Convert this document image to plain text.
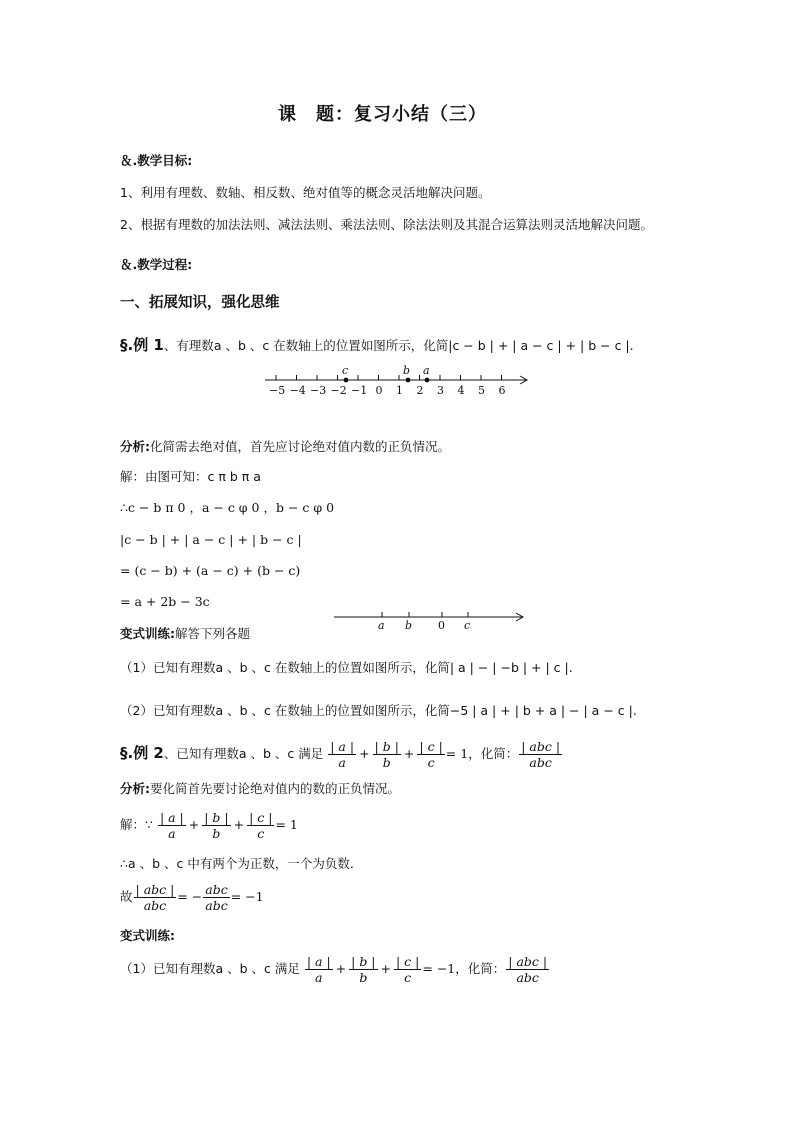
课　题：复习小结（三）
＆.教学目标:
1、利用有理数、数轴、相反数、绝对值等的概念灵活地解决问题。
2、根据有理数的加法法则、减法法则、乘法法则、除法法则及其混合运算法则灵活地解决问题。
＆.教学过程:
一、拓展知识，强化思维
§.例 1、有理数a 、b 、c 在数轴上的位置如图所示，化简|c − b | + | a − c | + | b − c |.
−5 −4 −3 −2 −1 0 1 2 3 4 5 6
c	b a
分析:化简需去绝对值，首先应讨论绝对值内数的正负情况。
解：由图可知：c π b π a
∴c − b π 0 ，a − c φ 0 ，b − c φ 0
|c − b | + | a − c | + | b − c |
= (c − b) + (a − c) + (b − c)
= a + 2b − 3c
a b 0 c
变式训练:解答下列各题
（1）已知有理数a 、b 、c 在数轴上的位置如图所示，化简| a | − | −b | + | c |.
（2）已知有理数a 、b 、c 在数轴上的位置如图所示，化简−5 | a | + | b + a | − | a − c |.
§.例 2、已知有理数a 、b 、c 满足 $\frac{| a |}{a} + \frac{| b |}{b} + \frac{| c |}{c} = 1$，化简： $\frac{\text{| abc |}}{\text{abc}}$
分析:要化简首先要讨论绝对值内的数的正负情况。
解：∵ $\frac{| a |}{a} + \frac{| b |}{b} + \frac{| c |}{c} = 1$
∴a 、b 、c 中有两个为正数，一个为负数.
故 $\frac{\text{| abc |}}{\text{abc}}$ = − $\frac{\text{abc}}{\text{abc}} = -1$
变式训练:
（1）已知有理数a 、b 、c 满足 $\frac{| a |}{a} + \frac{| b |}{b} + \frac{| c |}{c} = -1$，化简： $\frac{\text{| abc |}}{\text{abc}}$
